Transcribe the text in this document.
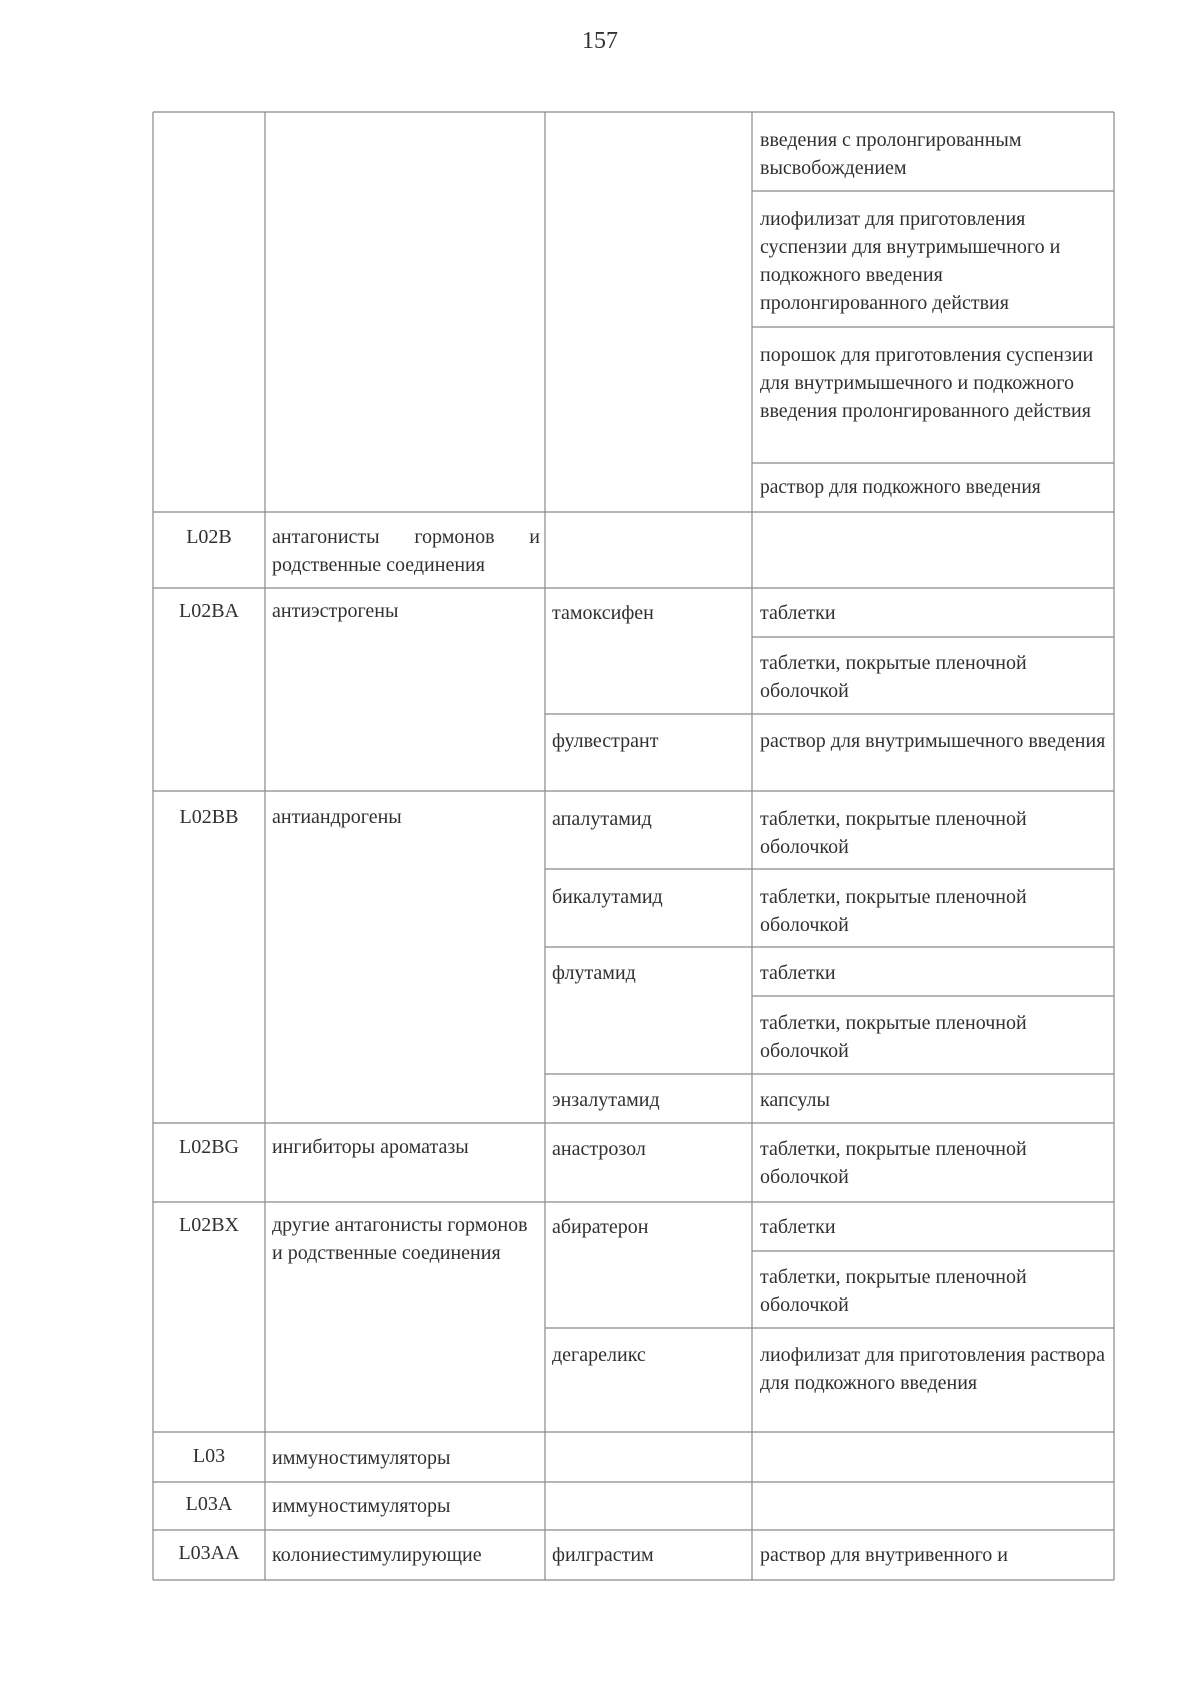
157
введения с пролонгированным высвобождением
лиофилизат для приготовления суспензии для внутримышечного и подкожного введения пролонгированного действия
порошок для приготовления суспензии для внутримышечного и подкожного введения пролонгированного действия
раствор для подкожного введения
L02B	антагонисты гормонов и
родственные соединения
L02BA	антиэстрогены	тамоксифен	таблетки
таблетки, покрытые пленочной оболочкой
фулвестрант	раствор для внутримышечного введения
L02BB	антиандрогены	апалутамид	таблетки, покрытые пленочной оболочкой
бикалутамид	таблетки, покрытые пленочной оболочкой
флутамид	таблетки
таблетки, покрытые пленочной оболочкой
энзалутамид	капсулы
L02BG	ингибиторы ароматазы	анастрозол	таблетки, покрытые пленочной оболочкой
L02BX	другие антагонисты гормонов и родственные соединения
абиратерон	таблетки
таблетки, покрытые пленочной оболочкой
дегареликс	лиофилизат для приготовления раствора для подкожного введения
L03	иммуностимуляторы
L03A	иммуностимуляторы
L03AA	колониестимулирующие	филграстим	раствор для внутривенного и
